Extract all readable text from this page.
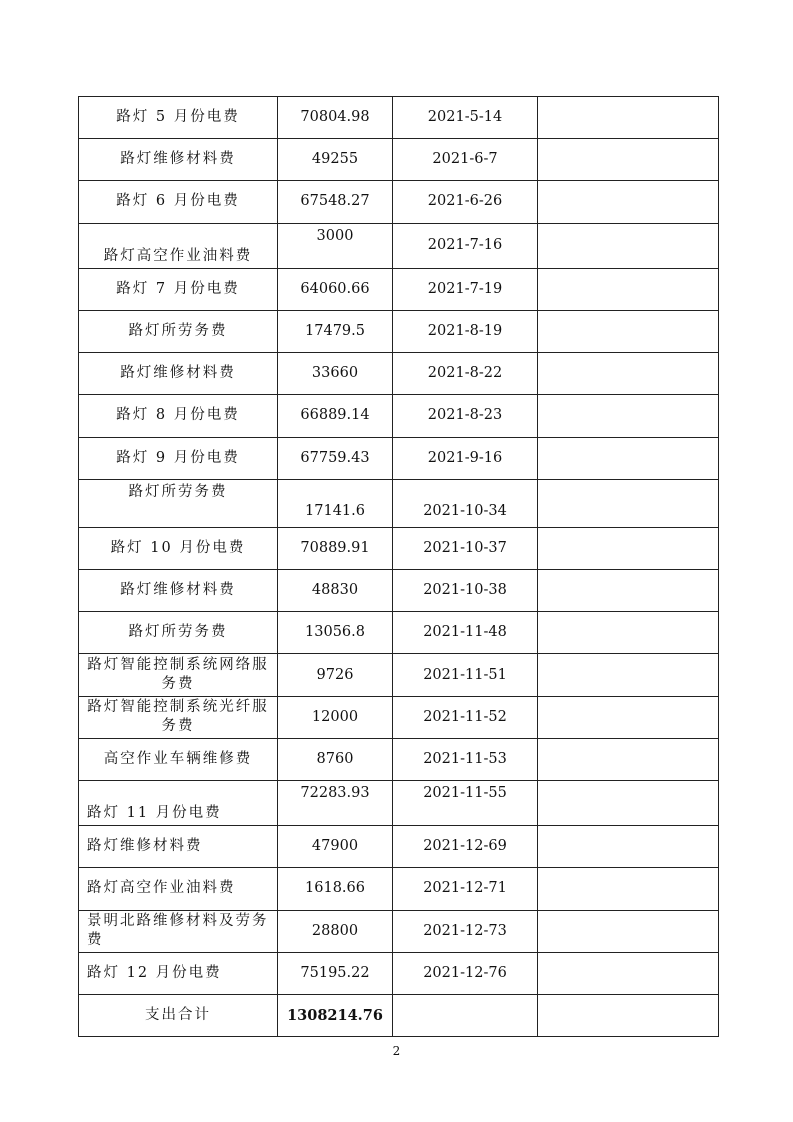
路灯 5 月份电费	70804.98	2021-5-14	
路灯维修材料费	49255	2021-6-7	
路灯 6 月份电费	67548.27	2021-6-26	
路灯高空作业油料费	3000	2021-7-16	
路灯 7 月份电费	64060.66	2021-7-19	
路灯所劳务费	17479.5	2021-8-19	
路灯维修材料费	33660	2021-8-22	
路灯 8 月份电费	66889.14	2021-8-23	
路灯 9 月份电费	67759.43	2021-9-16	
路灯所劳务费	17141.6	2021-10-34	
路灯 10 月份电费	70889.91	2021-10-37	
路灯维修材料费	48830	2021-10-38	
路灯所劳务费	13056.8	2021-11-48	
路灯智能控制系统网络服务费	9726	2021-11-51	
路灯智能控制系统光纤服务费	12000	2021-11-52	
高空作业车辆维修费	8760	2021-11-53	
路灯 11 月份电费	72283.93	2021-11-55	
路灯维修材料费	47900	2021-12-69	
路灯高空作业油料费	1618.66	2021-12-71	
景明北路维修材料及劳务费	28800	2021-12-73	
路灯 12 月份电费	75195.22	2021-12-76	
支出合计	1308214.76		
2
